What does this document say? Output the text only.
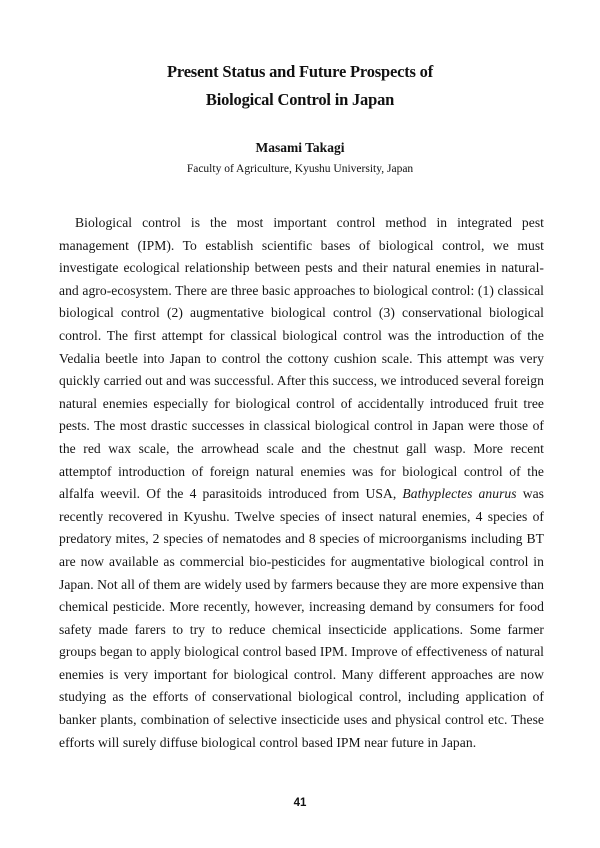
Present Status and Future Prospects of
Biological Control in Japan

Masami Takagi

Faculty of Agriculture, Kyushu University, Japan

Biological control is the most important control method in integrated pest management (IPM). To establish scientific bases of biological control, we must investigate ecological relationship between pests and their natural enemies in natural-and agro-ecosystem. There are three basic approaches to biological control: (1) classical biological control (2) augmentative biological control (3) conservational biological control. The first attempt for classical biological control was the introduction of the Vedalia beetle into Japan to control the cottony cushion scale. This attempt was very quickly carried out and was successful. After this success, we introduced several foreign natural enemies especially for biological control of accidentally introduced fruit tree pests. The most drastic successes in classical biological control in Japan were those of the red wax scale, the arrowhead scale and the chestnut gall wasp. More recent attemptof introduction of foreign natural enemies was for biological control of the alfalfa weevil. Of the 4 parasitoids introduced from USA, Bathyplectes anurus was recently recovered in Kyushu. Twelve species of insect natural enemies, 4 species of predatory mites, 2 species of nematodes and 8 species of microorganisms including BT are now available as commercial bio-pesticides for augmentative biological control in Japan. Not all of them are widely used by farmers because they are more expensive than chemical pesticide. More recently, however, increasing demand by consumers for food safety made farers to try to reduce chemical insecticide applications. Some farmer groups began to apply biological control based IPM. Improve of effectiveness of natural enemies is very important for biological control. Many different approaches are now studying as the efforts of conservational biological control, including application of banker plants, combination of selective insecticide uses and physical control etc. These efforts will surely diffuse biological control based IPM near future in Japan.

41
